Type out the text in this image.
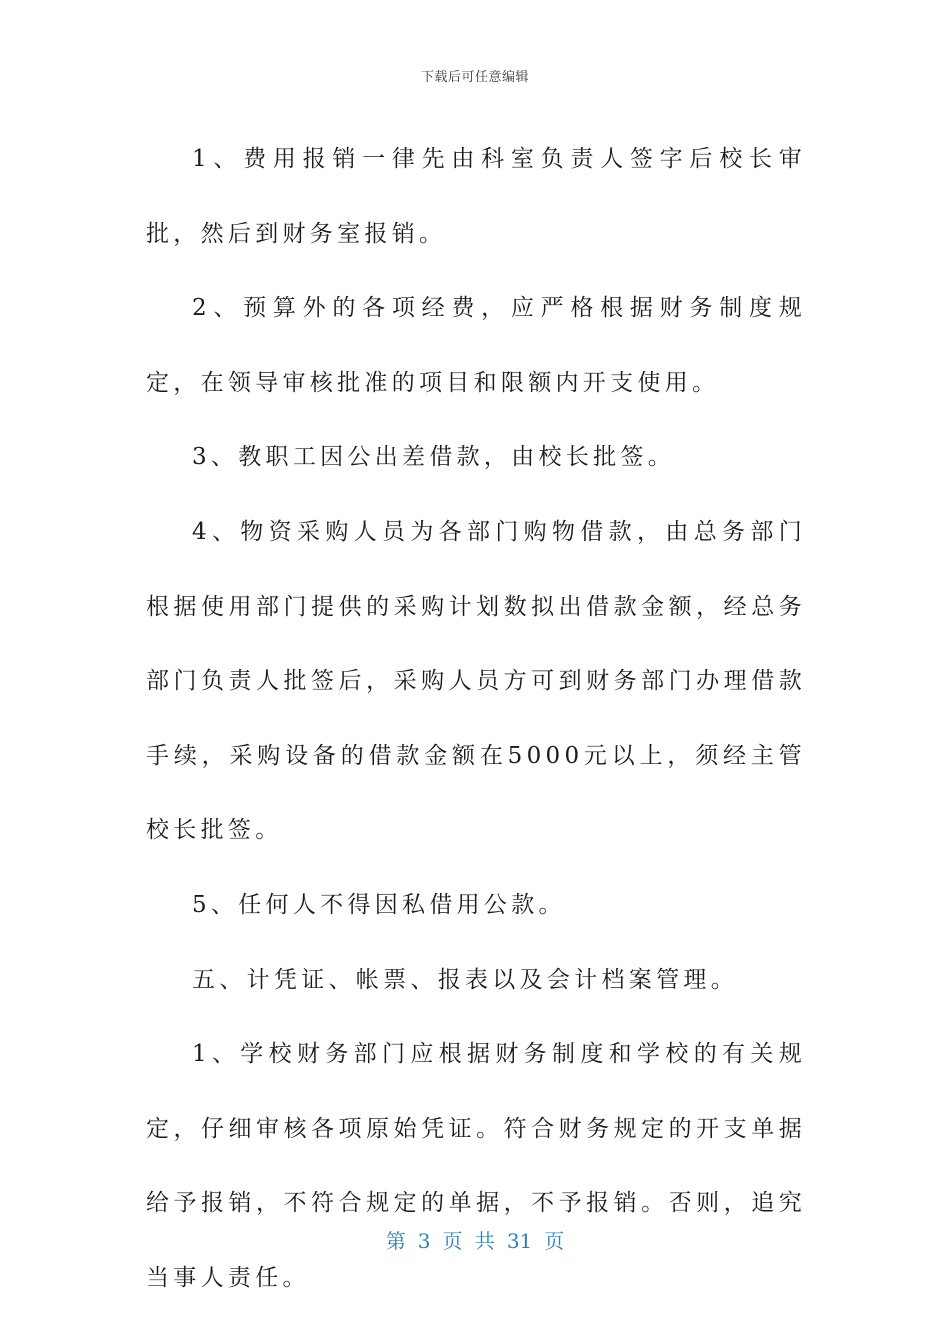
下载后可任意编辑

1、费用报销一律先由科室负责人签字后校长审批，然后到财务室报销。

2、预算外的各项经费，应严格根据财务制度规定，在领导审核批准的项目和限额内开支使用。

3、教职工因公出差借款，由校长批签。

4、物资采购人员为各部门购物借款，由总务部门根据使用部门提供的采购计划数拟出借款金额，经总务部门负责人批签后，采购人员方可到财务部门办理借款手续，采购设备的借款金额在5000元以上，须经主管校长批签。

5、任何人不得因私借用公款。

五、计凭证、帐票、报表以及会计档案管理。

1、学校财务部门应根据财务制度和学校的有关规定，仔细审核各项原始凭证。符合财务规定的开支单据给予报销，不符合规定的单据，不予报销。否则，追究当事人责任。

第 3 页 共 31 页
